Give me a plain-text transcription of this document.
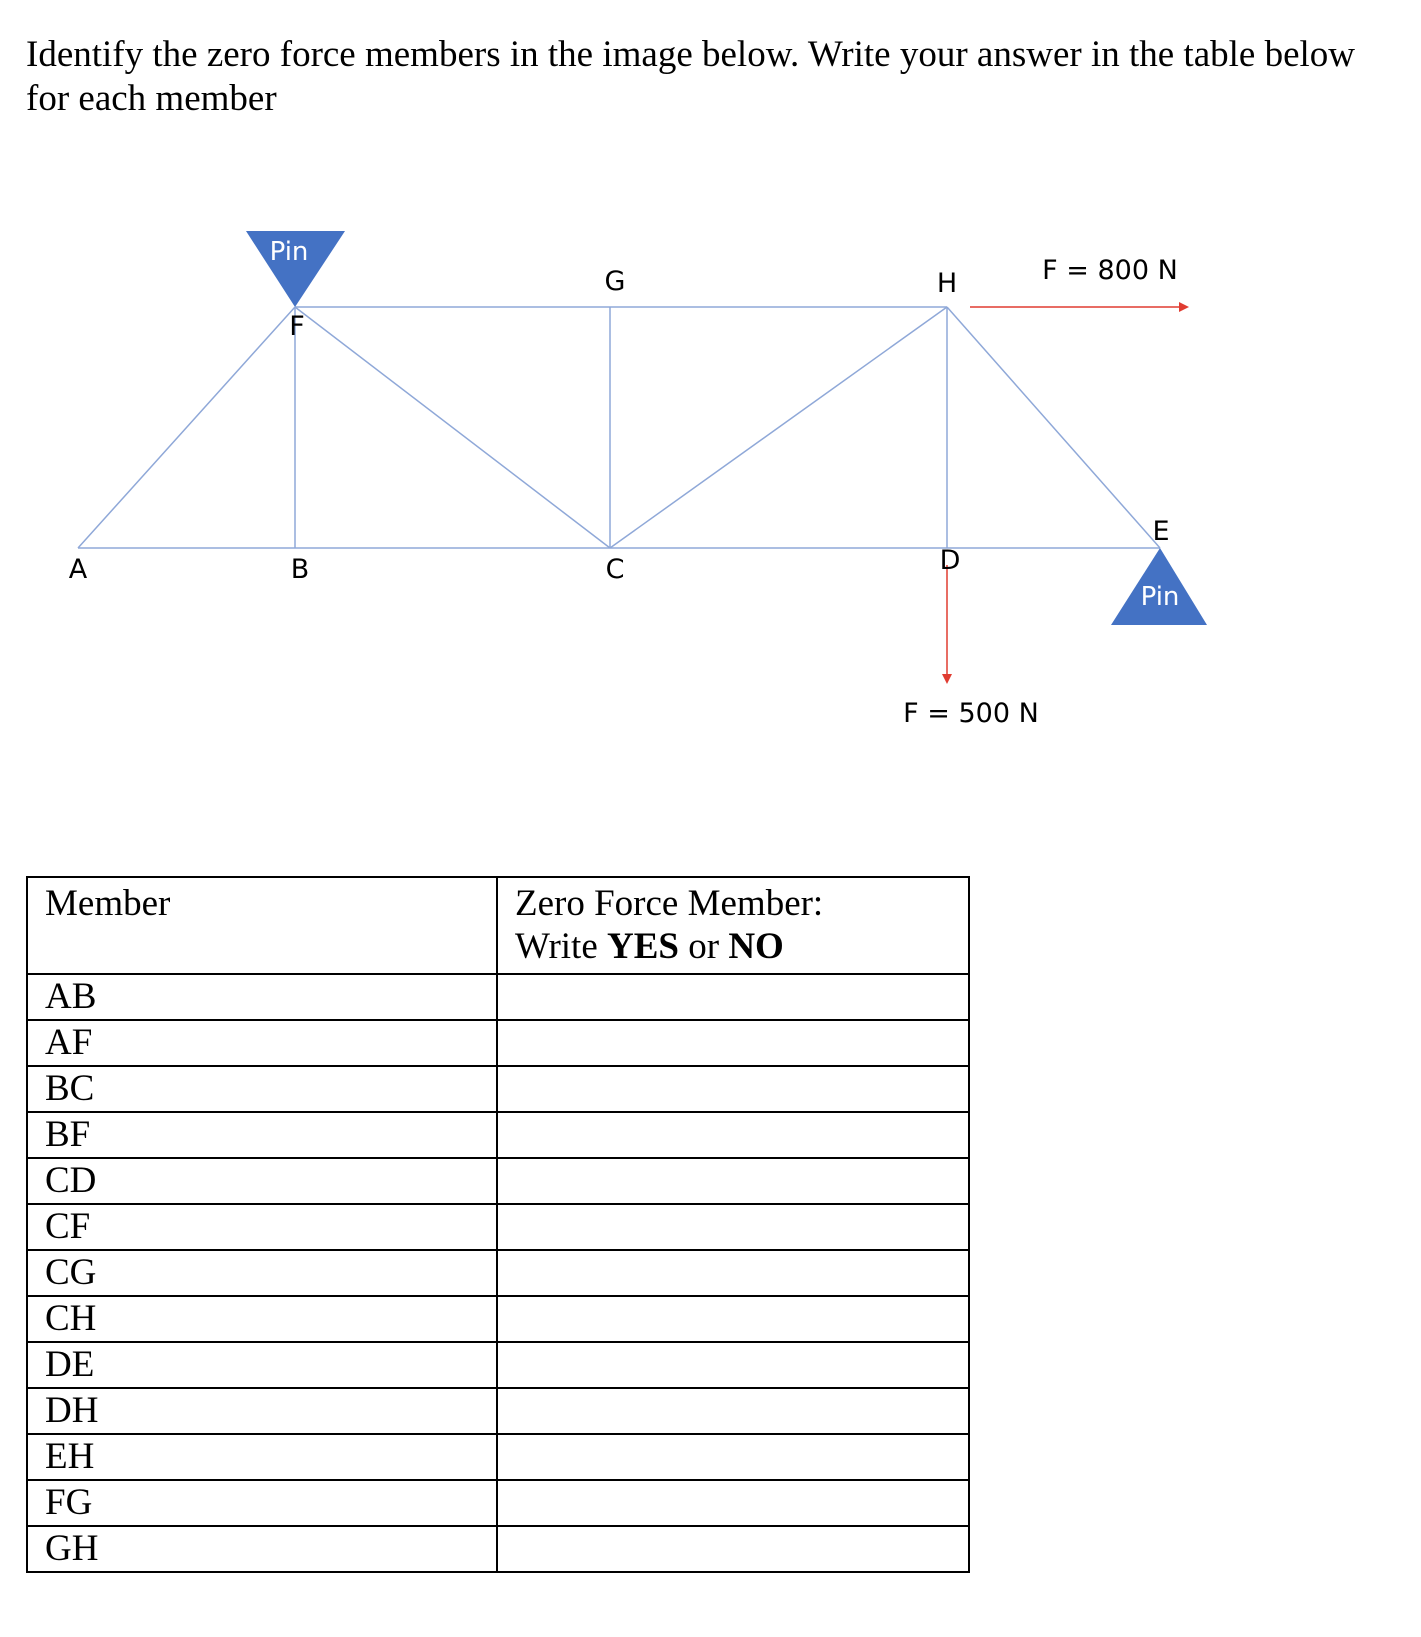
Identify the zero force members in the image below. Write your answer in the table below
for each member
Pin
Pin
F = 800 N
F = 500 N
A	B	C	D
E
F
G	H
Member	Zero Force Member:
Write YES or NO

AB	
AF	
BC	
BF	
CD	
CF	
CG	
CH	
DE	
DH	
EH	
FG	
GH	
